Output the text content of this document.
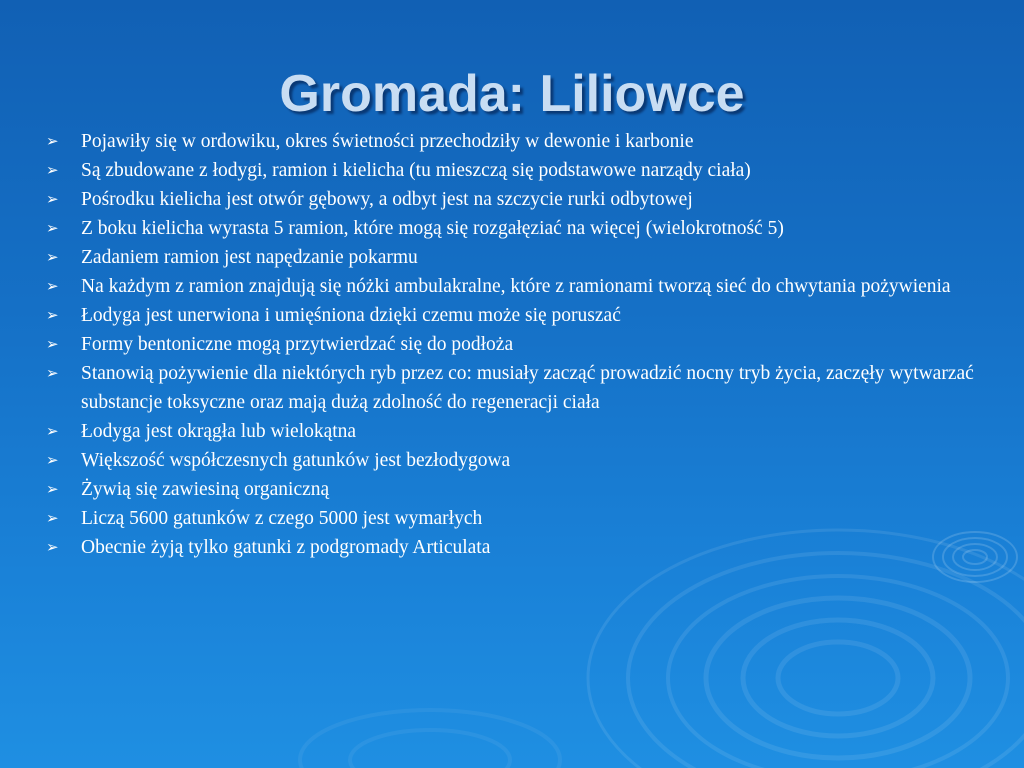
Gromada: Liliowce
➢	Pojawiły się w ordowiku, okres świetności przechodziły w dewonie i karbonie
➢	Są zbudowane z łodygi, ramion i kielicha (tu mieszczą się podstawowe narządy ciała)
➢	Pośrodku kielicha jest otwór gębowy, a odbyt jest na szczycie rurki odbytowej
➢	Z boku kielicha wyrasta 5 ramion, które mogą się rozgałęziać na więcej (wielokrotność 5)
➢	Zadaniem ramion jest napędzanie pokarmu
➢	Na każdym z ramion znajdują się nóżki ambulakralne, które z ramionami tworzą sieć do chwytania pożywienia
➢	Łodyga jest unerwiona i umięśniona dzięki czemu może się poruszać
➢	Formy bentoniczne mogą przytwierdzać się do podłoża
➢	Stanowią pożywienie dla niektórych ryb przez co: musiały zacząć prowadzić nocny tryb życia, zaczęły wytwarzać substancje toksyczne oraz mają dużą zdolność do regeneracji ciała
➢	Łodyga jest okrągła lub wielokątna
➢	Większość współczesnych gatunków jest bezłodygowa
➢	Żywią się zawiesiną organiczną
➢	Liczą 5600 gatunków z czego 5000 jest wymarłych
➢	Obecnie żyją tylko gatunki z podgromady Articulata
